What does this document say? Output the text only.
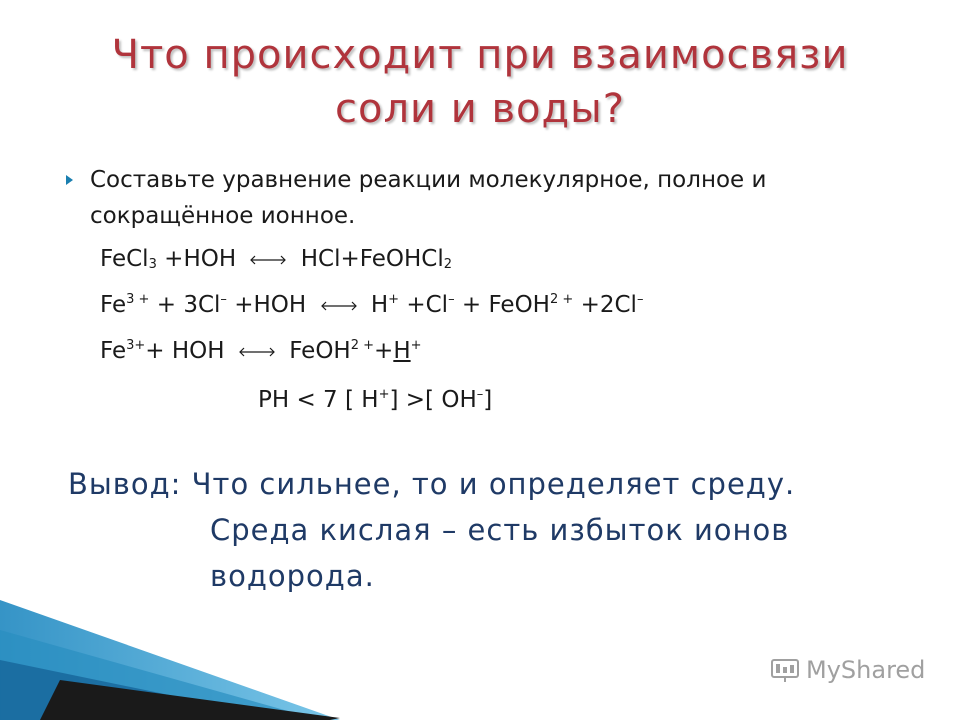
Что происходит при взаимосвязи
соли и воды?
Составьте уравнение реакции молекулярное, полное и сокращённое ионное.
FeCl$_3$ +HOH	HCl+FeOHCl$_2$
$Fe^{3 +} + 3Cl^- +HOH$	H+ +Cl– + FeOH$^{2 +}$ +2Cl–
$Fe^{3+}+$ HOH	FeOH$^{2 +}$+H+
PH < 7 [ H+] >[ OH–]
Вывод: Что сильнее, то и определяет среду.
Среда кислая – есть избыток ионов
водорода.
MyShared
